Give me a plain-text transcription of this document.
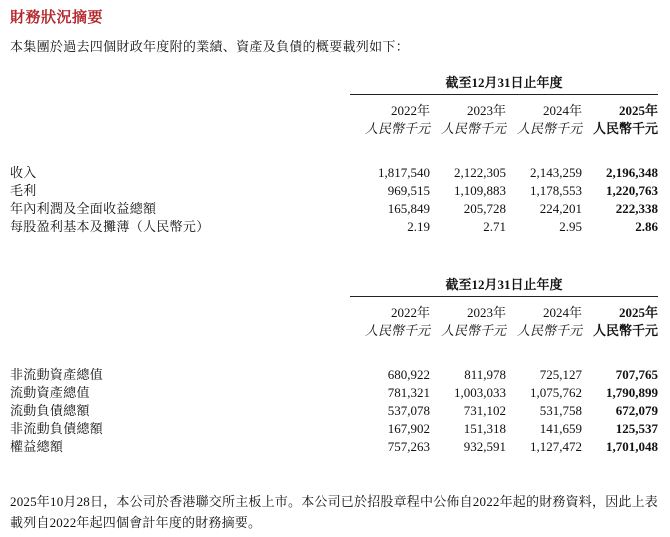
財務狀況摘要
本集團於過去四個財政年度附的業績、資產及負債的概要載列如下：
截至12月31日止年度
2022年	2023年	2024年	2025年
人民幣千元 人民幣千元 人民幣千元 人民幣千元
收入	1,817,540	2,122,305	2,143,259	2,196,348
毛利	969,515	1,109,883	1,178,553	1,220,763
年內利潤及全面收益總額	165,849	205,728	224,201	222,338
每股盈利基本及攤薄（人民幣元）	2.19	2.71	2.95	2.86
截至12月31日止年度
2022年	2023年	2024年	2025年
人民幣千元 人民幣千元 人民幣千元 人民幣千元
非流動資產總值	680,922	811,978	725,127	707,765
流動資產總值	781,321	1,003,033	1,075,762	1,790,899
流動負債總額	537,078	731,102	531,758	672,079
非流動負債總額	167,902	151,318	141,659	125,537
權益總額	757,263	932,591	1,127,472	1,701,048
2025年10月28日，本公司於香港聯交所主板上市。本公司已於招股章程中公佈自2022年起的財務資料，因此上表載列自2022年起四個會計年度的財務摘要。
